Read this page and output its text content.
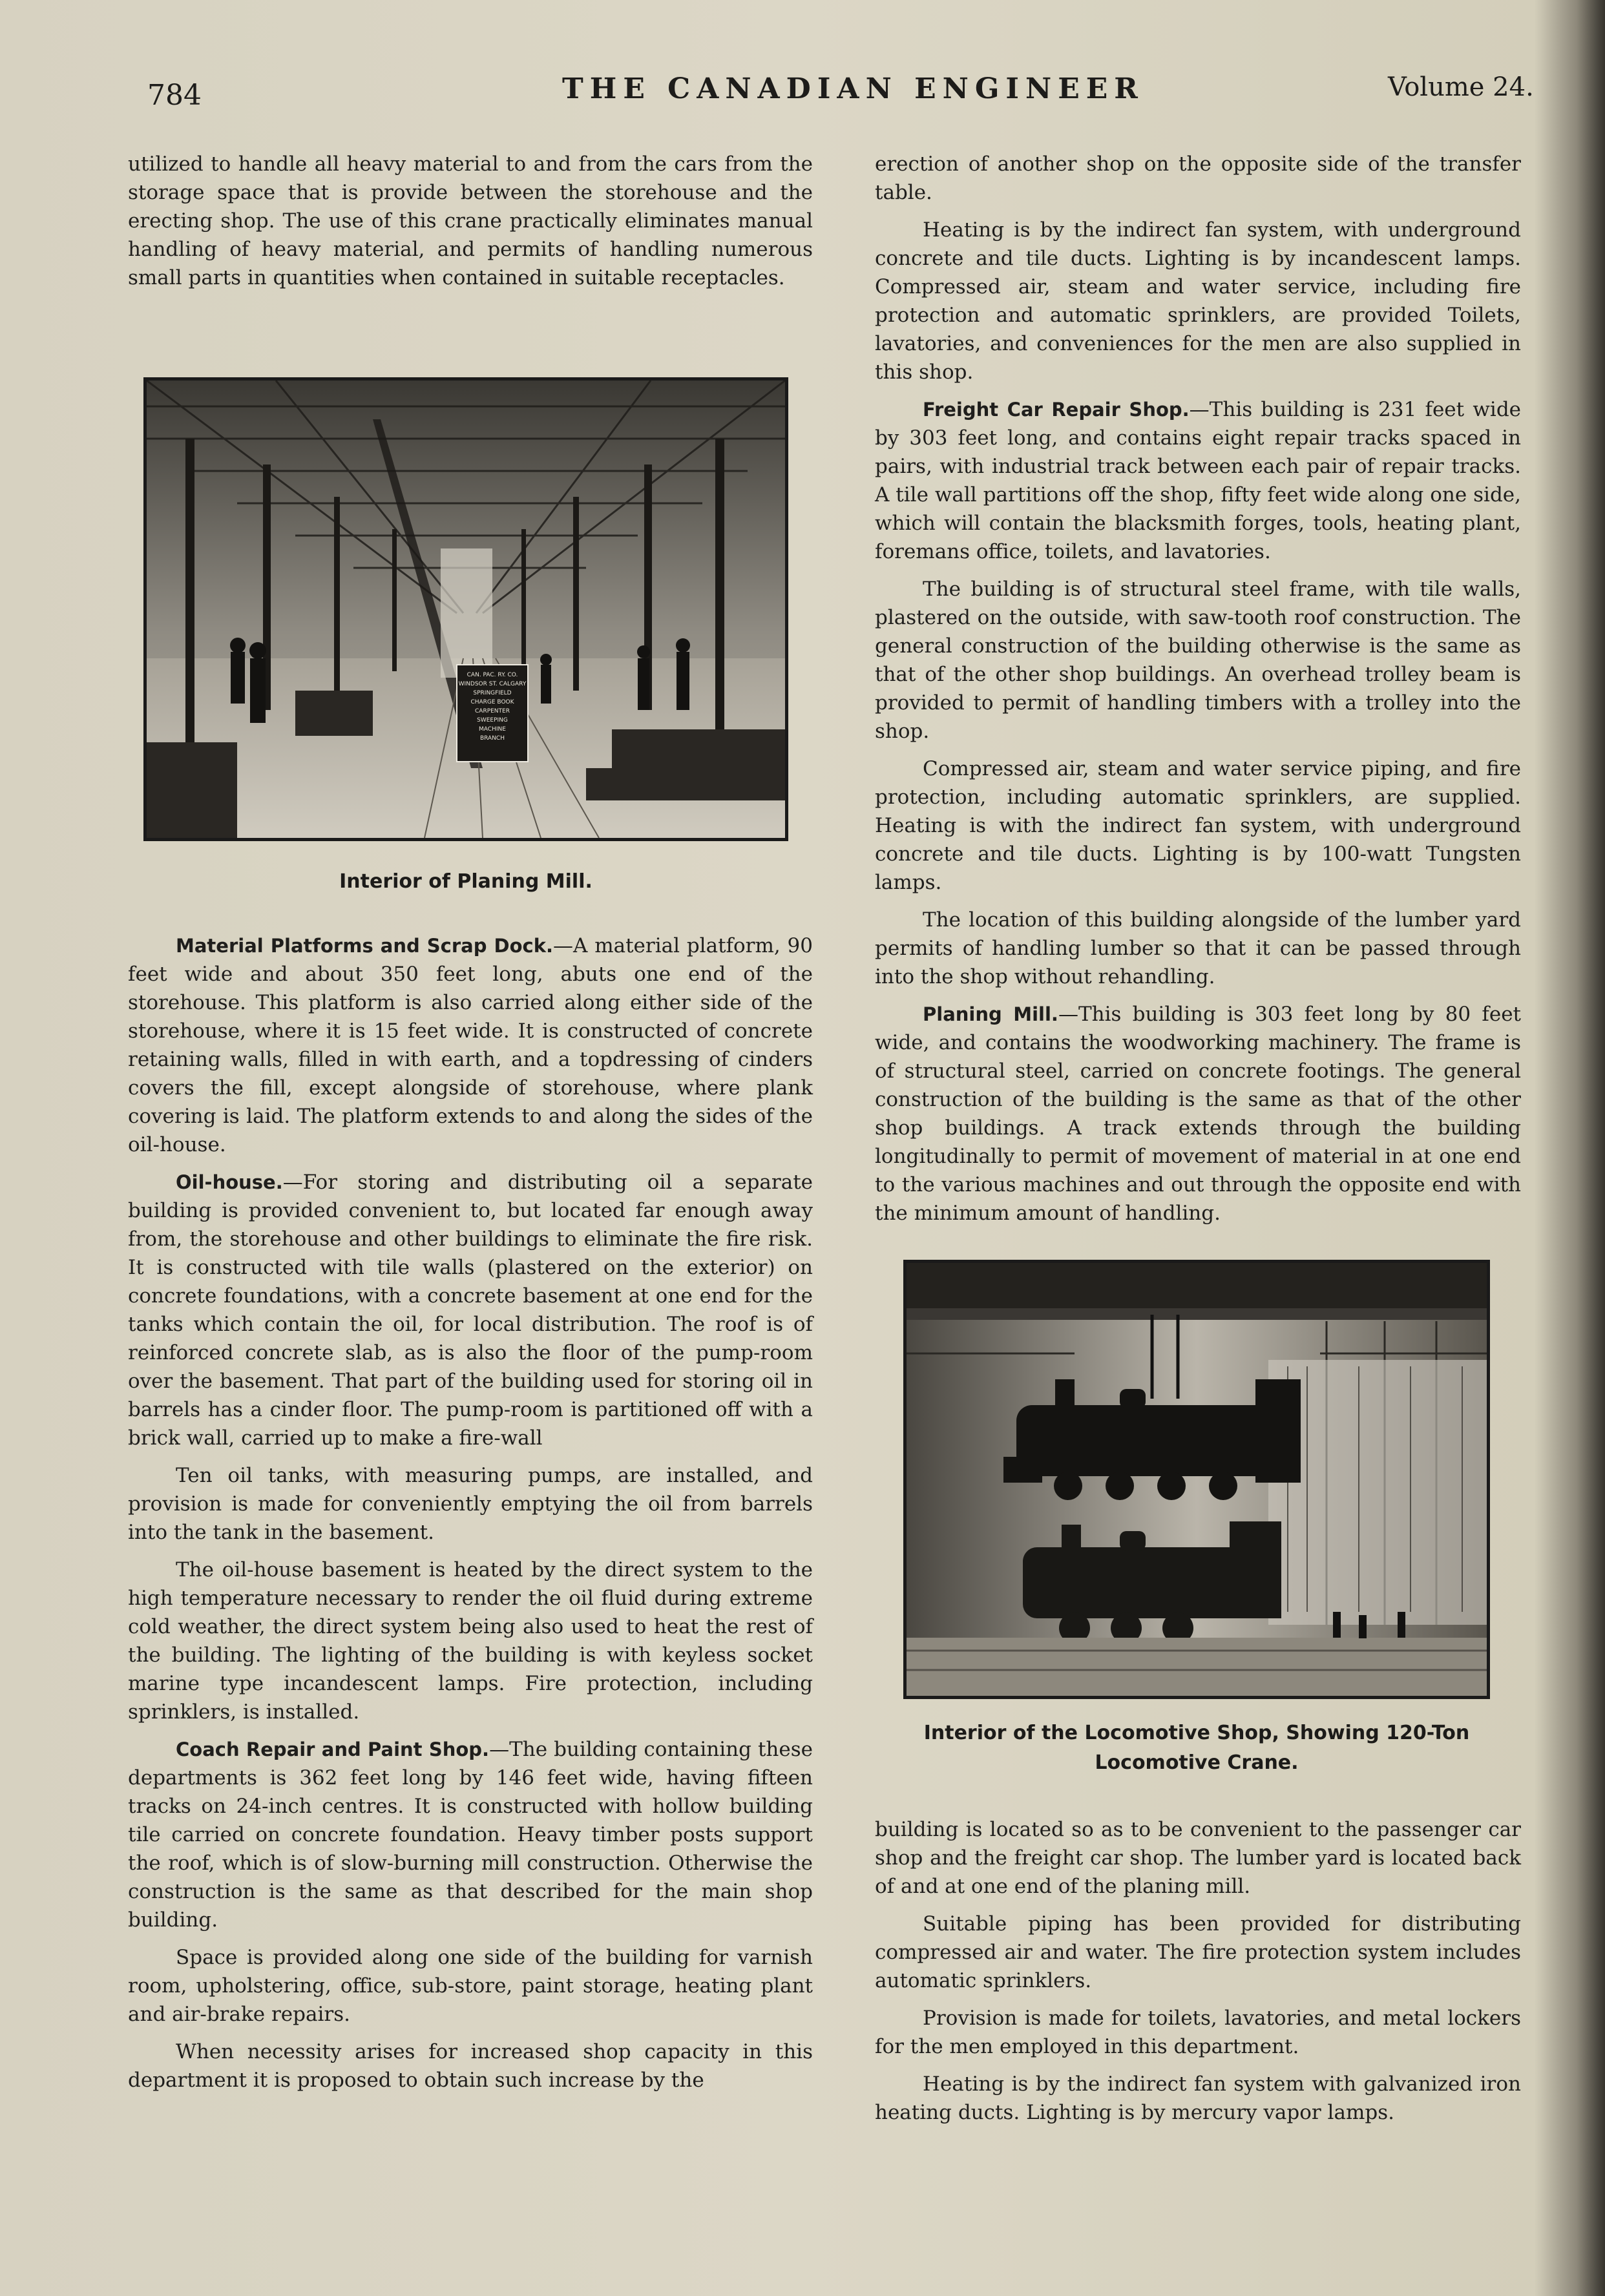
784	THE CANADIAN ENGINEER	Volume 24.

utilized to handle all heavy material to and from the cars from the storage space that is provide between the storehouse and the erecting shop. The use of this crane practically eliminates manual handling of heavy material, and permits of handling numerous small parts in quantities when contained in suitable receptacles.

CAN. PAC. RY. CO.
WINDSOR ST. CALGARY
SPRINGFIELD
CHARGE BOOK
CARPENTER
SWEEPING
MACHINE
BRANCH
Interior of Planing Mill.

Material Platforms and Scrap Dock.—A material platform, 90 feet wide and about 350 feet long, abuts one end of the storehouse. This platform is also carried along either side of the storehouse, where it is 15 feet wide. It is constructed of concrete retaining walls, filled in with earth, and a topdressing of cinders covers the fill, except alongside of storehouse, where plank covering is laid. The platform extends to and along the sides of the oil-house.

Oil-house.—For storing and distributing oil a separate building is provided convenient to, but located far enough away from, the storehouse and other buildings to eliminate the fire risk. It is constructed with tile walls (plastered on the exterior) on concrete foundations, with a concrete basement at one end for the tanks which contain the oil, for local distribution. The roof is of reinforced concrete slab, as is also the floor of the pump-room over the basement. That part of the building used for storing oil in barrels has a cinder floor. The pump-room is partitioned off with a brick wall, carried up to make a fire-wall

Ten oil tanks, with measuring pumps, are installed, and provision is made for conveniently emptying the oil from barrels into the tank in the basement.

The oil-house basement is heated by the direct system to the high temperature necessary to render the oil fluid during extreme cold weather, the direct system being also used to heat the rest of the building. The lighting of the building is with keyless socket marine type incandescent lamps. Fire protection, including sprinklers, is installed.

Coach Repair and Paint Shop.—The building containing these departments is 362 feet long by 146 feet wide, having fifteen tracks on 24-inch centres. It is constructed with hollow building tile carried on concrete foundation. Heavy timber posts support the roof, which is of slow-burning mill construction. Otherwise the construction is the same as that described for the main shop building.

Space is provided along one side of the building for varnish room, upholstering, office, sub-store, paint storage, heating plant and air-brake repairs.

When necessity arises for increased shop capacity in this department it is proposed to obtain such increase by the

erection of another shop on the opposite side of the transfer table.

Heating is by the indirect fan system, with underground concrete and tile ducts. Lighting is by incandescent lamps. Compressed air, steam and water service, including fire protection and automatic sprinklers, are provided Toilets, lavatories, and conveniences for the men are also supplied in this shop.

Freight Car Repair Shop.—This building is 231 feet wide by 303 feet long, and contains eight repair tracks spaced in pairs, with industrial track between each pair of repair tracks. A tile wall partitions off the shop, fifty feet wide along one side, which will contain the blacksmith forges, tools, heating plant, foremans office, toilets, and lavatories.

The building is of structural steel frame, with tile walls, plastered on the outside, with saw-tooth roof construction. The general construction of the building otherwise is the same as that of the other shop buildings. An overhead trolley beam is provided to permit of handling timbers with a trolley into the shop.

Compressed air, steam and water service piping, and fire protection, including automatic sprinklers, are supplied. Heating is with the indirect fan system, with underground concrete and tile ducts. Lighting is by 100-watt Tungsten lamps.

The location of this building alongside of the lumber yard permits of handling lumber so that it can be passed through into the shop without rehandling.

Planing Mill.—This building is 303 feet long by 80 feet wide, and contains the woodworking machinery. The frame is of structural steel, carried on concrete footings. The general construction of the building is the same as that of the other shop buildings. A track extends through the building longitudinally to permit of movement of material in at one end to the various machines and out through the opposite end with the minimum amount of handling.

Interior of the Locomotive Shop, Showing 120-Ton
Locomotive Crane.

building is located so as to be convenient to the passenger car shop and the freight car shop. The lumber yard is located back of and at one end of the planing mill.

Suitable piping has been provided for distributing compressed air and water. The fire protection system includes automatic sprinklers.

Provision is made for toilets, lavatories, and metal lockers for the men employed in this department.

Heating is by the indirect fan system with galvanized iron heating ducts. Lighting is by mercury vapor lamps.
